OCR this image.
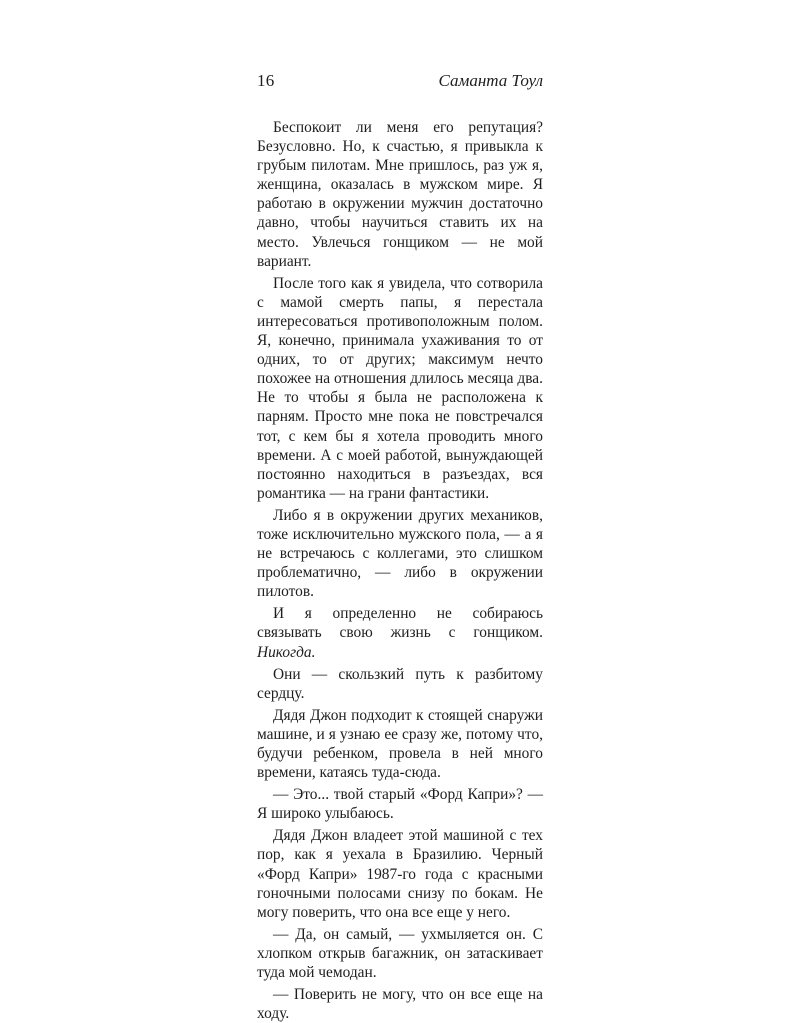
16	Саманта Тоул

Беспокоит ли меня его репутация? Безусловно. Но, к счастью, я привыкла к грубым пилотам. Мне пришлось, раз уж я, женщина, оказалась в мужском мире. Я работаю в окружении мужчин достаточно давно, чтобы научиться ставить их на место. Увлечься гонщиком — не мой вариант.

После того как я увидела, что сотворила с мамой смерть папы, я перестала интересоваться противоположным полом. Я, конечно, принимала ухаживания то от одних, то от других; максимум нечто похожее на отношения длилось месяца два. Не то чтобы я была не расположена к парням. Просто мне пока не повстречался тот, с кем бы я хотела проводить много времени. А с моей работой, вынуждающей постоянно находиться в разъездах, вся романтика — на грани фантастики.

Либо я в окружении других механиков, тоже исключительно мужского пола, — а я не встречаюсь с коллегами, это слишком проблематично, — либо в окружении пилотов.

И я определенно не собираюсь связывать свою жизнь с гонщиком. Никогда.

Они — скользкий путь к разбитому сердцу.

Дядя Джон подходит к стоящей снаружи машине, и я узнаю ее сразу же, потому что, будучи ребенком, провела в ней много времени, катаясь туда-сюда.

— Это... твой старый «Форд Капри»? — Я широко улыбаюсь.

Дядя Джон владеет этой машиной с тех пор, как я уехала в Бразилию. Черный «Форд Капри» 1987-го года с красными гоночными полосами снизу по бокам. Не могу поверить, что она все еще у него.

— Да, он самый, — ухмыляется он. С хлопком открыв багажник, он затаскивает туда мой чемодан.

— Поверить не могу, что он все еще на ходу.
